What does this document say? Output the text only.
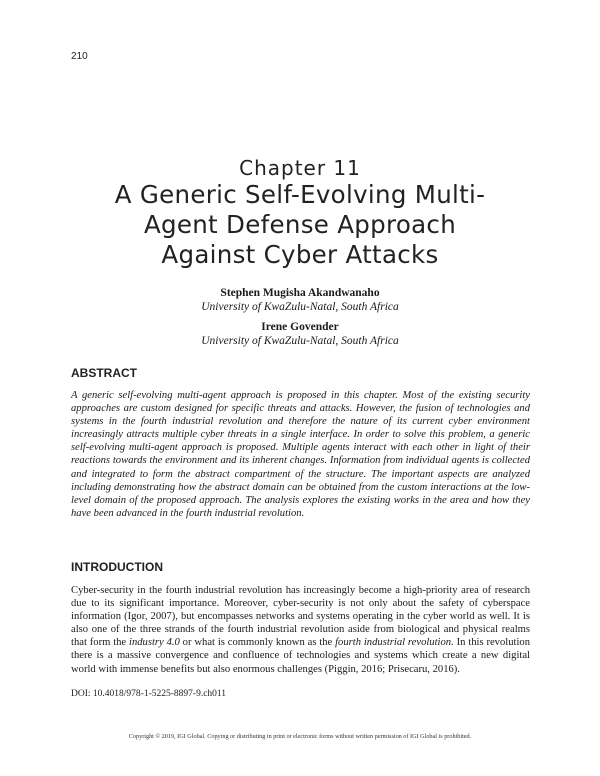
210
Chapter 11
A Generic Self-Evolving Multi-
Agent Defense Approach
Against Cyber Attacks
Stephen Mugisha Akandwanaho
University of KwaZulu-Natal, South Africa
Irene Govender
University of KwaZulu-Natal, South Africa
ABSTRACT

A generic self-evolving multi-agent approach is proposed in this chapter. Most of the existing security approaches are custom designed for specific threats and attacks. However, the fusion of technologies and systems in the fourth industrial revolution and therefore the nature of its current cyber environment increasingly attracts multiple cyber threats in a single interface. In order to solve this problem, a generic self-evolving multi-agent approach is proposed. Multiple agents interact with each other in light of their reactions towards the environment and its inherent changes. Information from individual agents is collected and integrated to form the abstract compartment of the structure. The important aspects are analyzed including demonstrating how the abstract domain can be obtained from the custom interactions at the low-level domain of the proposed approach. The analysis explores the existing works in the area and how they have been advanced in the fourth industrial revolution.

INTRODUCTION

Cyber-security in the fourth industrial revolution has increasingly become a high-priority area of research due to its significant importance. Moreover, cyber-security is not only about the safety of cyberspace information (Igor, 2007), but encompasses networks and systems operating in the cyber world as well. It is also one of the three strands of the fourth industrial revolution aside from biological and physical realms that form the industry 4.0 or what is commonly known as the fourth industrial revolution. In this revolution there is a massive convergence and confluence of technologies and systems which create a new digital world with immense benefits but also enormous challenges (Piggin, 2016; Prisecaru, 2016).

DOI: 10.4018/978-1-5225-8897-9.ch011
Copyright © 2019, IGI Global. Copying or distributing in print or electronic forms without written permission of IGI Global is prohibited.
